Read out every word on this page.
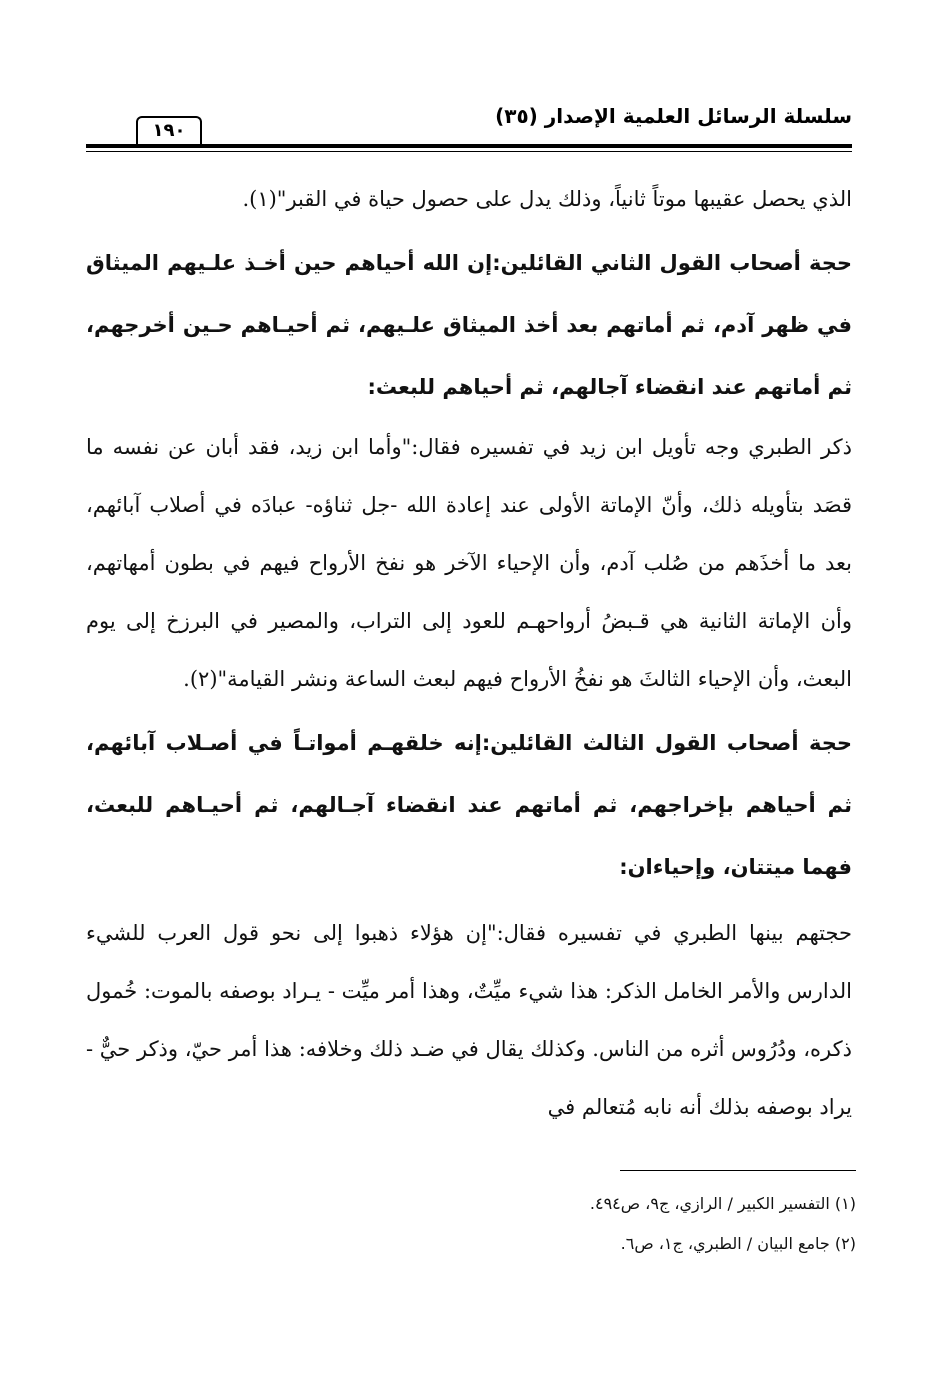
سلسلة الرسائل العلمية الإصدار (٣٥)
١٩٠

الذي يحصل عقيبها موتاً ثانياً، وذلك يدل على حصول حياة في القبر"(١).

حجة أصحاب القول الثاني القائلين:إن الله أحياهم حين أخـذ علـيهم الميثاق في ظهر آدم، ثم أماتهم بعد أخذ الميثاق علـيهم، ثم أحيـاهم حـين أخرجهم، ثم أماتهم عند انقضاء آجالهم، ثم أحياهم للبعث:

ذكر الطبري وجه تأويل ابن زيد في تفسيره فقال:"وأما ابن زيد، فقد أبان عن نفسه ما قصَد بتأويله ذلك، وأنّ الإماتة الأولى عند إعادة الله -جل ثناؤه- عبادَه في أصلاب آبائهم، بعد ما أخذَهم من صُلب آدم، وأن الإحياء الآخر هو نفخ الأرواح فيهم في بطون أمهاتهم، وأن الإماتة الثانية هي قـبضُ أرواحهـم للعود إلى التراب، والمصير في البرزخ إلى يوم البعث، وأن الإحياء الثالثَ هو نفخُ الأرواح فيهم لبعث الساعة ونشر القيامة"(٢).

حجة أصحاب القول الثالث القائلين:إنه خلقهـم أمواتـاً في أصـلاب آبائهم، ثم أحياهم بإخراجهم، ثم أماتهم عند انقضاء آجـالهم، ثم أحيـاهم للبعث، فهما ميتتان، وإحياءان:

حجتهم بينها الطبري في تفسيره فقال:"إن هؤلاء ذهبوا إلى نحو قول العرب للشيء الدارس والأمر الخامل الذكر: هذا شيء ميِّتٌ، وهذا أمر ميِّت - يـراد بوصفه بالموت: خُمول ذكره، ودُرُوس أثره من الناس. وكذلك يقال في ضـد ذلك وخلافه: هذا أمر حيّ، وذكر حيٌّ - يراد بوصفه بذلك أنه نابه مُتعالم في

(١) التفسير الكبير / الرازي، ج٩، ص٤٩٤.

(٢) جامع البيان / الطبري، ج١، ص٦.
